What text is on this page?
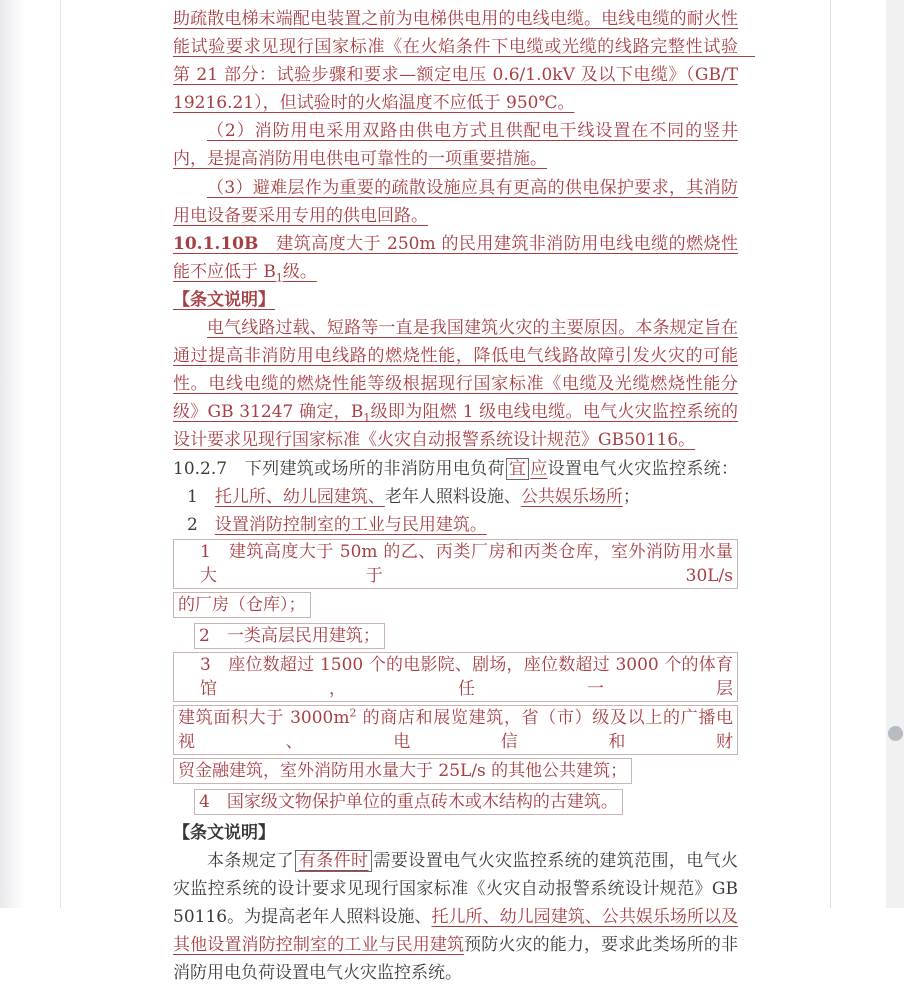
助疏散电梯末端配电装置之前为电梯供电用的电线电缆。电线电缆的耐火性能试验要求见现行国家标准《在火焰条件下电缆或光缆的线路完整性试验　第 21 部分：试验步骤和要求—额定电压 0.6/1.0kV 及以下电缆》（GB/T 19216.21），但试验时的火焰温度不应低于 950℃。

（2）消防用电采用双路由供电方式且供配电干线设置在不同的竖井内，是提高消防用电供电可靠性的一项重要措施。

（3）避难层作为重要的疏散设施应具有更高的供电保护要求，其消防用电设备要采用专用的供电回路。

10.1.10B　建筑高度大于 250m 的民用建筑非消防用电线电缆的燃烧性能不应低于 $B_1$级。

【条文说明】

电气线路过载、短路等一直是我国建筑火灾的主要原因。本条规定旨在通过提高非消防用电线路的燃烧性能，降低电气线路故障引发火灾的可能性。电线电缆的燃烧性能等级根据现行国家标准《电缆及光缆燃烧性能分级》GB 31247 确定，$B_1$级即为阻燃 1 级电线电缆。电气火灾监控系统的设计要求见现行国家标准《火灾自动报警系统设计规范》GB50116。

10.2.7　下列建筑或场所的非消防用电负荷 宜 应设置电气火灾监控系统：

1　托儿所、幼儿园建筑、老年人照料设施、公共娱乐场所；

2　设置消防控制室的工业与民用建筑。

1　建筑高度大于 50m 的乙、丙类厂房和丙类仓库，室外消防用水量大于 30L/s
的厂房（仓库）；
2　一类高层民用建筑；
3　座位数超过 1500 个的电影院、剧场，座位数超过 3000 个的体育馆，任一层
建筑面积大于 $3000m^2$ 的商店和展览建筑，省（市）级及以上的广播电视、电信和财
贸金融建筑，室外消防用水量大于 25L/s 的其他公共建筑；
4　国家级文物保护单位的重点砖木或木结构的古建筑。

【条文说明】

本条规定了 有条件时 需要设置电气火灾监控系统的建筑范围，电气火灾监控系统的设计要求见现行国家标准《火灾自动报警系统设计规范》GB 50116。为提高老年人照料设施、托儿所、幼儿园建筑、公共娱乐场所以及其他设置消防控制室的工业与民用建筑预防火灾的能力，要求此类场所的非消防用电负荷设置电气火灾监控系统。
